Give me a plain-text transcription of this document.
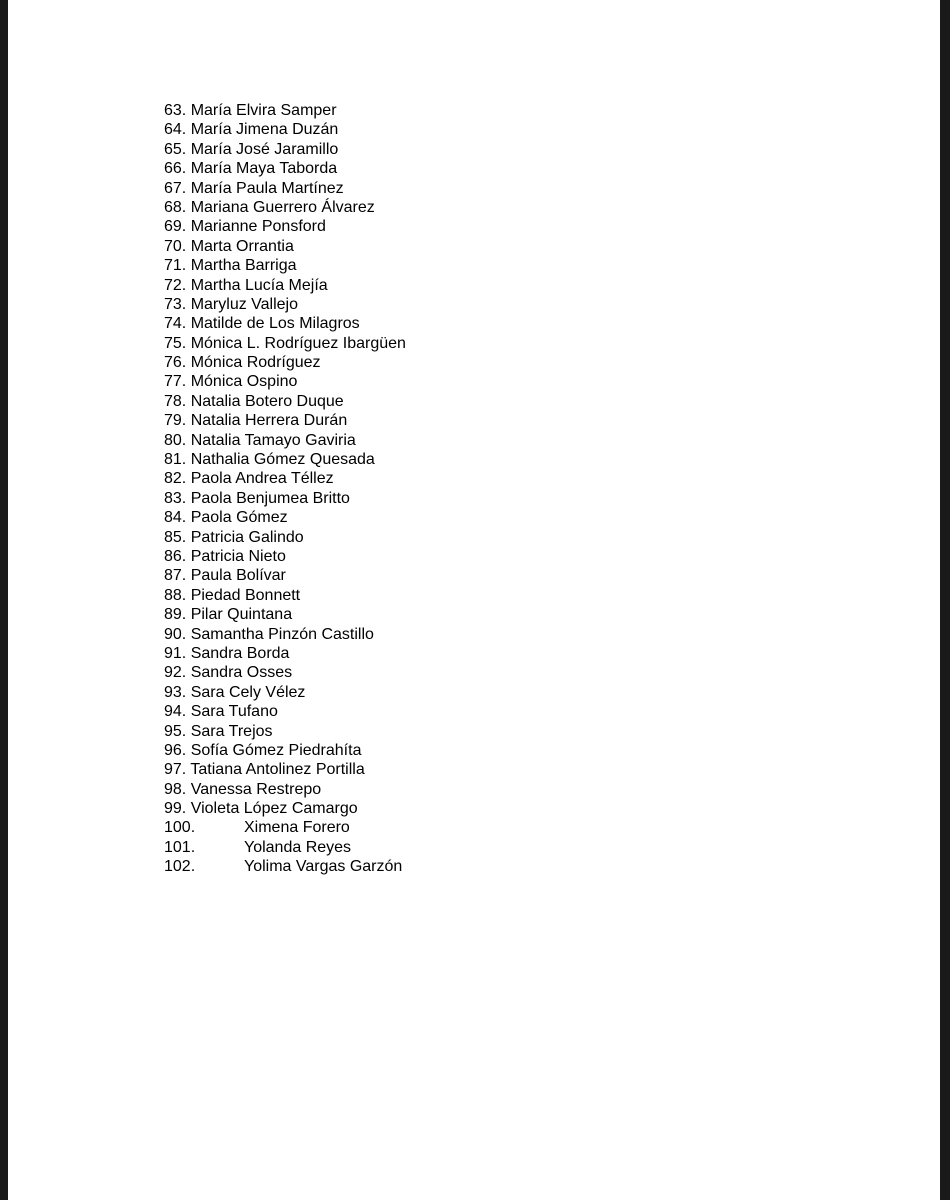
63. María Elvira Samper
64. María Jimena Duzán
65. María José Jaramillo
66. María Maya Taborda
67. María Paula Martínez
68. Mariana Guerrero Álvarez
69. Marianne Ponsford
70. Marta Orrantia
71. Martha Barriga
72. Martha Lucía Mejía
73. Maryluz Vallejo
74. Matilde de Los Milagros
75. Mónica L. Rodríguez Ibargüen
76. Mónica Rodríguez
77. Mónica Ospino
78. Natalia Botero Duque
79. Natalia Herrera Durán
80. Natalia Tamayo Gaviria
81. Nathalia Gómez Quesada
82. Paola Andrea Téllez
83. Paola Benjumea Britto
84. Paola Gómez
85. Patricia Galindo
86. Patricia Nieto
87. Paula Bolívar
88. Piedad Bonnett
89. Pilar Quintana
90. Samantha Pinzón Castillo
91. Sandra Borda
92. Sandra Osses
93. Sara Cely Vélez
94. Sara Tufano
95. Sara Trejos
96. Sofía Gómez Piedrahíta
97. Tatiana Antolinez Portilla
98. Vanessa Restrepo
99. Violeta López Camargo
100.	Ximena Forero
101.	Yolanda Reyes
102.	Yolima Vargas Garzón
